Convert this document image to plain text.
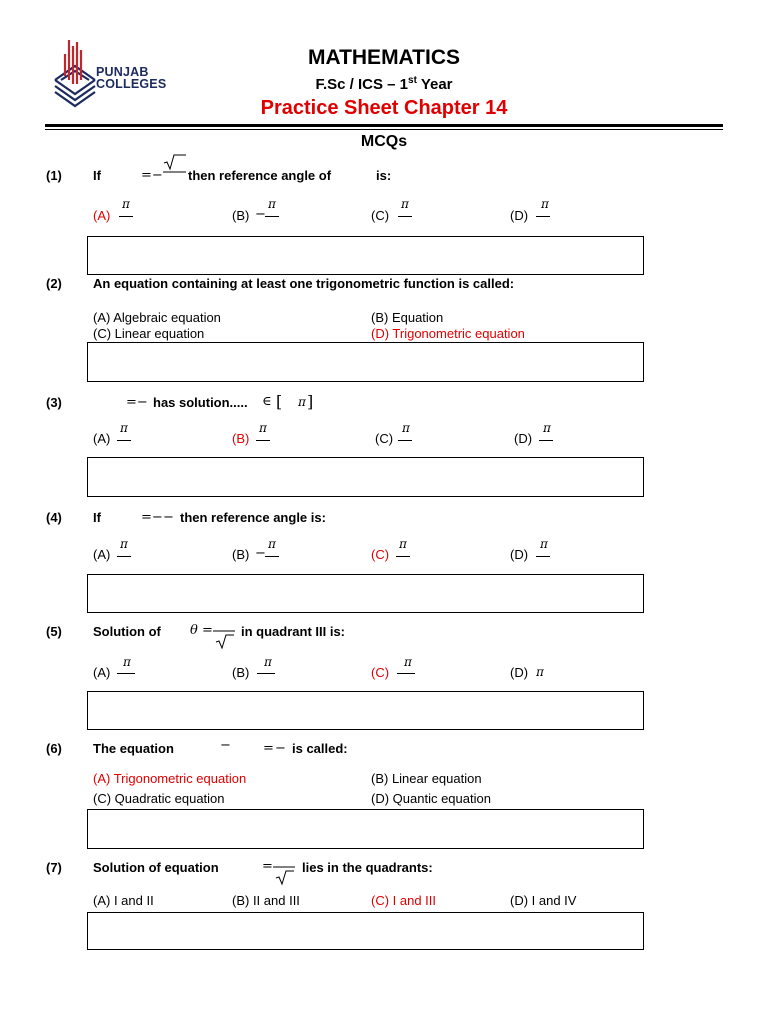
PUNJAB
COLLEGES
MATHEMATICS
F.Sc / ICS – 1st Year
Practice Sheet Chapter 14
MCQs
(1) If	=− then reference angle of	is:
(A)
π
(B) −
π
(C)
π
(D)
π
(2) An equation containing at least one trigonometric function is called:
(A) Algebraic equation	(B) Equation
(C) Linear equation	(D) Trigonometric equation
(3)	=− has solution..... ∈ [ π ]
(A)
π
(B)
π
(C)
π
(D)
π
(4) If	=− − then reference angle is:
(A)
π
(B) −
π
(C)
π
(D)
π
(5) Solution of θ = in quadrant III is:
(A)
π
(B)
π
(C)
π
(D) π
(6) The equation	− = − is called:
(A) Trigonometric equation	(B) Linear equation
(C) Quadratic equation	(D) Quantic equation
(7) Solution of equation	= lies in the quadrants:
(A) I and II	(B) II and III	(C) I and III	(D) I and IV
